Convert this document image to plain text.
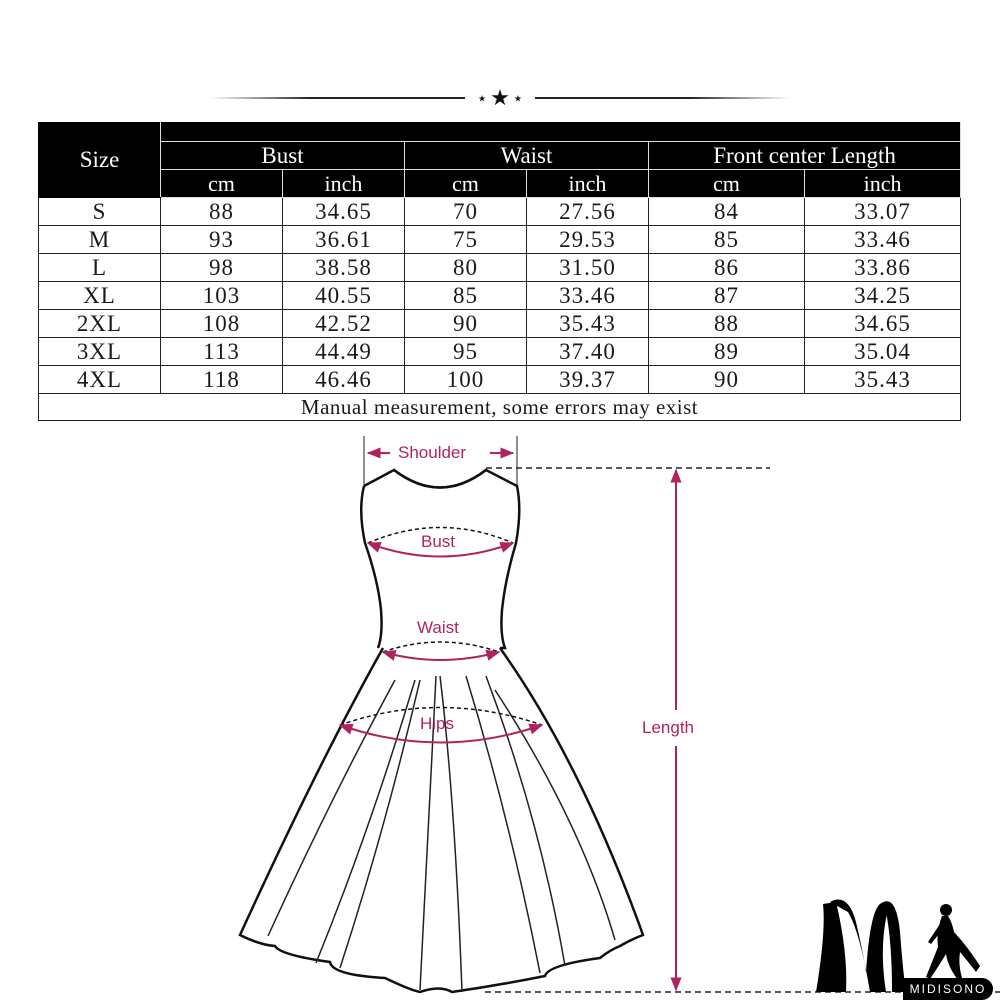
★ ★ ★
Size						
	Bust		Waist		Front center Length	
	cm	inch	cm	inch	cm	inch
S	88	34.65	70	27.56	84	33.07
M	93	36.61	75	29.53	85	33.46
L	98	38.58	80	31.50	86	33.86
XL	103	40.55	85	33.46	87	34.25
2XL	108	42.52	90	35.43	88	34.65
3XL	113	44.49	95	37.40	89	35.04
4XL	118	46.46	100	39.37	90	35.43
Manual measurement, some errors may exist						
Shoulder
Bust
Waist
Hips	Length
MIDISONO
